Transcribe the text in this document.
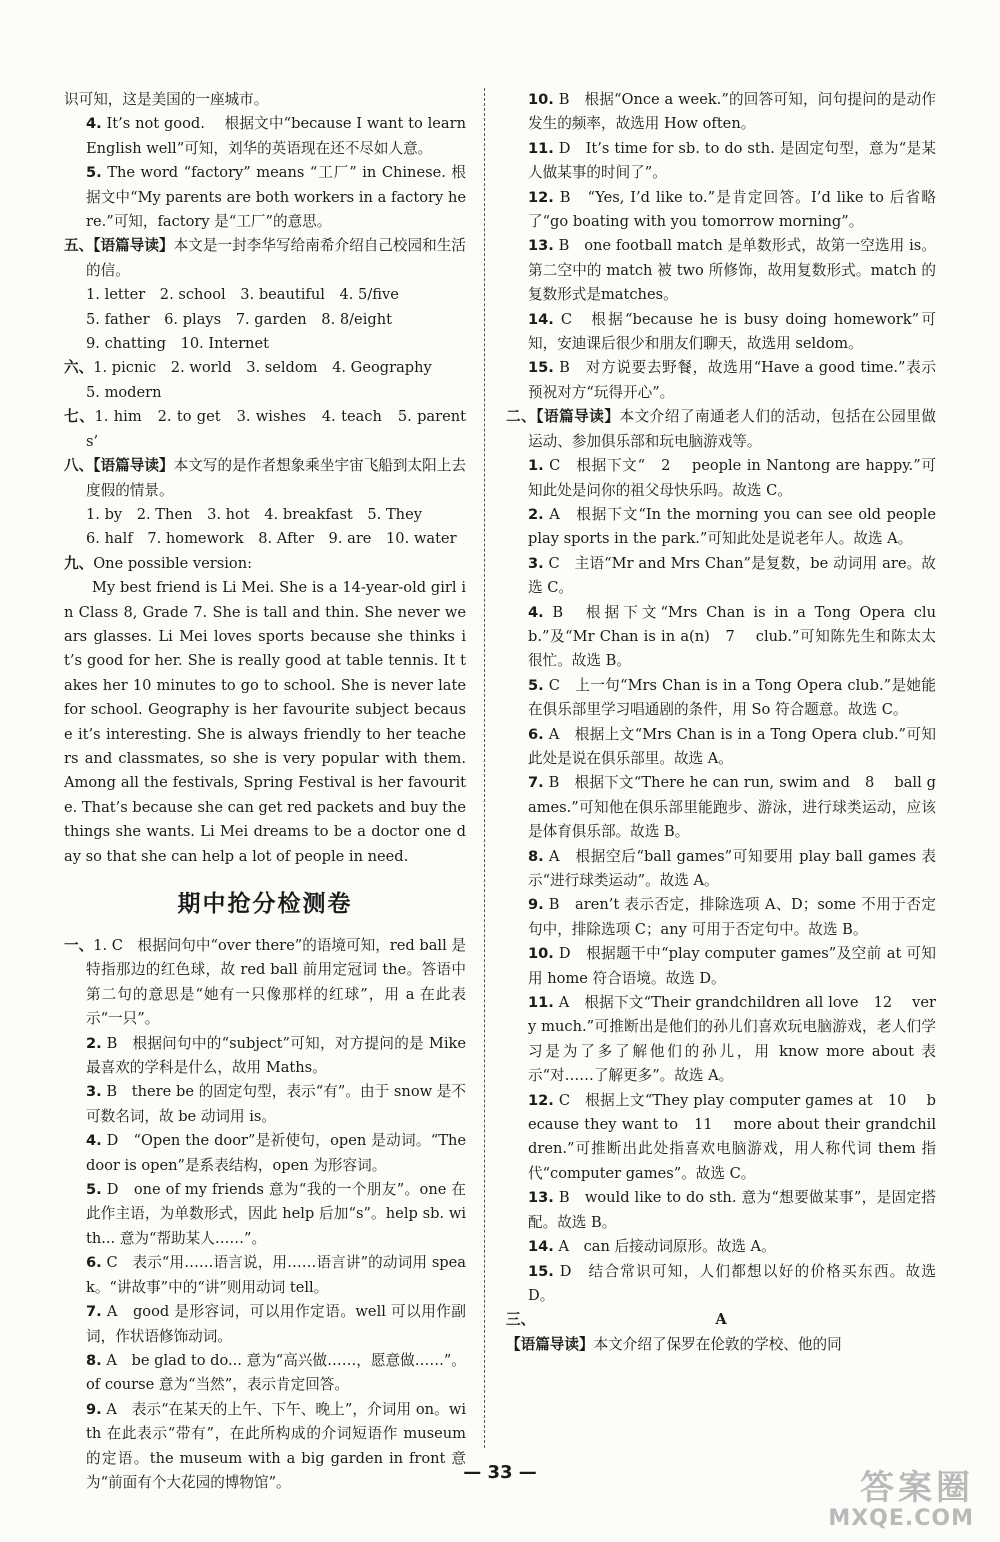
识可知，这是美国的一座城市。

4. It’s not good.　 根据文中“because I want to learn English well”可知，刘华的英语现在还不尽如人意。

5. The word “factory” means “工厂” in Chinese. 根据文中“My parents are both workers in a factory here.”可知，factory 是“工厂”的意思。

五、【语篇导读】本文是一封李华写给南希介绍自己校园和生活的信。

1. letter　2. school　3. beautiful　4. 5/five

5. father　6. plays　7. garden　8. 8/eight

9. chatting　10. Internet

六、1. picnic　2. world　3. seldom　4. Geography

5. modern

七、1. him　2. to get　3. wishes　4. teach　5. parents’

八、【语篇导读】本文写的是作者想象乘坐宇宙飞船到太阳上去度假的情景。

1. by　2. Then　3. hot　4. breakfast　5. They

6. half　7. homework　8. After　9. are　10. water

九、One possible version:

My best friend is Li Mei. She is a 14-year-old girl in Class 8, Grade 7. She is tall and thin. She never wears glasses. Li Mei loves sports because she thinks it’s good for her. She is really good at table tennis. It takes her 10 minutes to go to school. She is never late for school. Geography is her favourite subject because it’s interesting. She is always friendly to her teachers and classmates, so she is very popular with them. Among all the festivals, Spring Festival is her favourite. That’s because she can get red packets and buy the things she wants. Li Mei dreams to be a doctor one day so that she can help a lot of people in need.

期中抢分检测卷

一、1. C　根据问句中“over there”的语境可知，red ball 是特指那边的红色球，故 red ball 前用定冠词 the。答语中第二句的意思是“她有一只像那样的红球”，用 a 在此表示“一只”。

2. B　根据问句中的“subject”可知，对方提问的是 Mike 最喜欢的学科是什么，故用 Maths。

3. B　there be 的固定句型，表示“有”。由于 snow 是不可数名词，故 be 动词用 is。

4. D　“Open the door”是祈使句，open 是动词。“The door is open”是系表结构，open 为形容词。

5. D　one of my friends 意为“我的一个朋友”。one 在此作主语，为单数形式，因此 help 后加“s”。help sb. with... 意为“帮助某人……”。

6. C　表示“用……语言说，用……语言讲”的动词用 speak。“讲故事”中的“讲”则用动词 tell。

7. A　good 是形容词，可以用作定语。well 可以用作副词，作状语修饰动词。

8. A　be glad to do... 意为“高兴做……，愿意做……”。of course 意为“当然”，表示肯定回答。

9. A　表示“在某天的上午、下午、晚上”，介词用 on。with 在此表示“带有”，在此所构成的介词短语作 museum 的定语。the museum with a big garden in front 意为“前面有个大花园的博物馆”。

10. B　根据“Once a week.”的回答可知，问句提问的是动作发生的频率，故选用 How often。

11. D　It’s time for sb. to do sth. 是固定句型，意为“是某人做某事的时间了”。

12. B　“Yes, I’d like to.”是肯定回答。I’d like to 后省略了“go boating with you tomorrow morning”。

13. B　one football match 是单数形式，故第一空选用 is。第二空中的 match 被 two 所修饰，故用复数形式。match 的复数形式是matches。

14. C　根据“because he is busy doing homework”可知，安迪课后很少和朋友们聊天，故选用 seldom。

15. B　对方说要去野餐，故选用“Have a good time.”表示预祝对方“玩得开心”。

二、【语篇导读】本文介绍了南通老人们的活动，包括在公园里做运动、参加俱乐部和玩电脑游戏等。

1. C　根据下文“　2　 people in Nantong are happy.”可知此处是问你的祖父母快乐吗。故选 C。

2. A　根据下文“In the morning you can see old people play sports in the park.”可知此处是说老年人。故选 A。

3. C　主语“Mr and Mrs Chan”是复数，be 动词用 are。故选 C。

4. B　根据下文“Mrs Chan is in a Tong Opera club.”及“Mr Chan is in a(n)　7　 club.”可知陈先生和陈太太很忙。故选 B。

5. C　上一句“Mrs Chan is in a Tong Opera club.”是她能在俱乐部里学习唱通剧的条件，用 So 符合题意。故选 C。

6. A　根据上文“Mrs Chan is in a Tong Opera club.”可知此处是说在俱乐部里。故选 A。

7. B　根据下文“There he can run, swim and　8　 ball games.”可知他在俱乐部里能跑步、游泳，进行球类运动，应该是体育俱乐部。故选 B。

8. A　根据空后“ball games”可知要用 play ball games 表示“进行球类运动”。故选 A。

9. B　aren’t 表示否定，排除选项 A、D；some 不用于否定句中，排除选项 C；any 可用于否定句中。故选 B。

10. D　根据题干中“play computer games”及空前 at 可知用 home 符合语境。故选 D。

11. A　根据下文“Their grandchildren all love　12　 very much.”可推断出是他们的孙儿们喜欢玩电脑游戏，老人们学习是为了多了解他们的孙儿，用 know more about 表示“对……了解更多”。故选 A。

12. C　根据上文“They play computer games at　10　 because they want to　11　 more about their grandchildren.”可推断出此处指喜欢电脑游戏，用人称代词 them 指代“computer games”。故选 C。

13. B　would like to do sth. 意为“想要做某事”，是固定搭配。故选 B。

14. A　can 后接动词原形。故选 A。

15. D　结合常识可知，人们都想以好的价格买东西。故选 D。

三、	A

【语篇导读】本文介绍了保罗在伦敦的学校、他的同

— 33 —	答案圈
MXQE.COM
